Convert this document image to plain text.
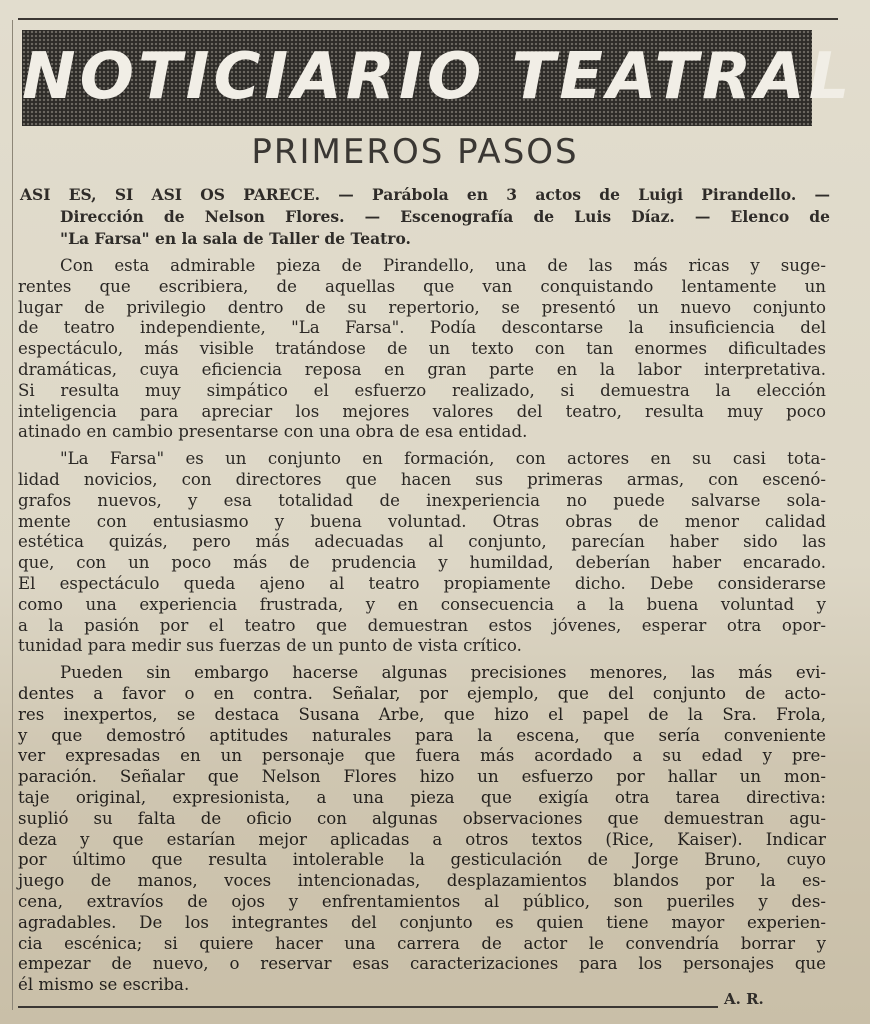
NOTICIARIO TEATRAL
PRIMEROS PASOS
ASI ES, SI ASI OS PARECE. — Parábola en 3 actos de Luigi Pirandello. —
Dirección de Nelson Flores. — Escenografía de Luis Díaz. — Elenco de
"La Farsa" en la sala de Taller de Teatro.
Con esta admirable pieza de Pirandello, una de las más ricas y suge-
rentes que escribiera, de aquellas que van conquistando lentamente un
lugar de privilegio dentro de su repertorio, se presentó un nuevo conjunto
de teatro independiente, "La Farsa". Podía descontarse la insuficiencia del
espectáculo, más visible tratándose de un texto con tan enormes dificultades
dramáticas, cuya eficiencia reposa en gran parte en la labor interpretativa.
Si resulta muy simpático el esfuerzo realizado, si demuestra la elección
inteligencia para apreciar los mejores valores del teatro, resulta muy poco
atinado en cambio presentarse con una obra de esa entidad.
"La Farsa" es un conjunto en formación, con actores en su casi tota-
lidad novicios, con directores que hacen sus primeras armas, con escenó-
grafos nuevos, y esa totalidad de inexperiencia no puede salvarse sola-
mente con entusiasmo y buena voluntad. Otras obras de menor calidad
estética quizás, pero más adecuadas al conjunto, parecían haber sido las
que, con un poco más de prudencia y humildad, deberían haber encarado.
El espectáculo queda ajeno al teatro propiamente dicho. Debe considerarse
como una experiencia frustrada, y en consecuencia a la buena voluntad y
a la pasión por el teatro que demuestran estos jóvenes, esperar otra opor-
tunidad para medir sus fuerzas de un punto de vista crítico.
Pueden sin embargo hacerse algunas precisiones menores, las más evi-
dentes a favor o en contra. Señalar, por ejemplo, que del conjunto de acto-
res inexpertos, se destaca Susana Arbe, que hizo el papel de la Sra. Frola,
y que demostró aptitudes naturales para la escena, que sería conveniente
ver expresadas en un personaje que fuera más acordado a su edad y pre-
paración. Señalar que Nelson Flores hizo un esfuerzo por hallar un mon-
taje original, expresionista, a una pieza que exigía otra tarea directiva:
suplió su falta de oficio con algunas observaciones que demuestran agu-
deza y que estarían mejor aplicadas a otros textos (Rice, Kaiser). Indicar
por último que resulta intolerable la gesticulación de Jorge Bruno, cuyo
juego de manos, voces intencionadas, desplazamientos blandos por la es-
cena, extravíos de ojos y enfrentamientos al público, son pueriles y des-
agradables. De los integrantes del conjunto es quien tiene mayor experien-
cia escénica; si quiere hacer una carrera de actor le convendría borrar y
empezar de nuevo, o reservar esas caracterizaciones para los personajes que
él mismo se escriba.
A. R.
